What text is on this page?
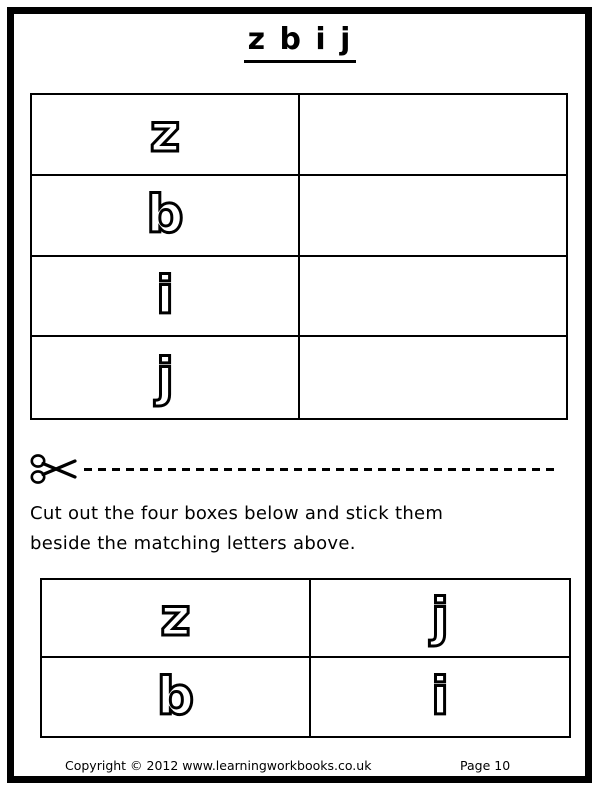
z b i j
z
b
i
j
Cut out the four boxes below and stick them
beside the matching letters above.
z	j
b	i
Copyright © 2012 www.learningworkbooks.co.uk	Page 10
